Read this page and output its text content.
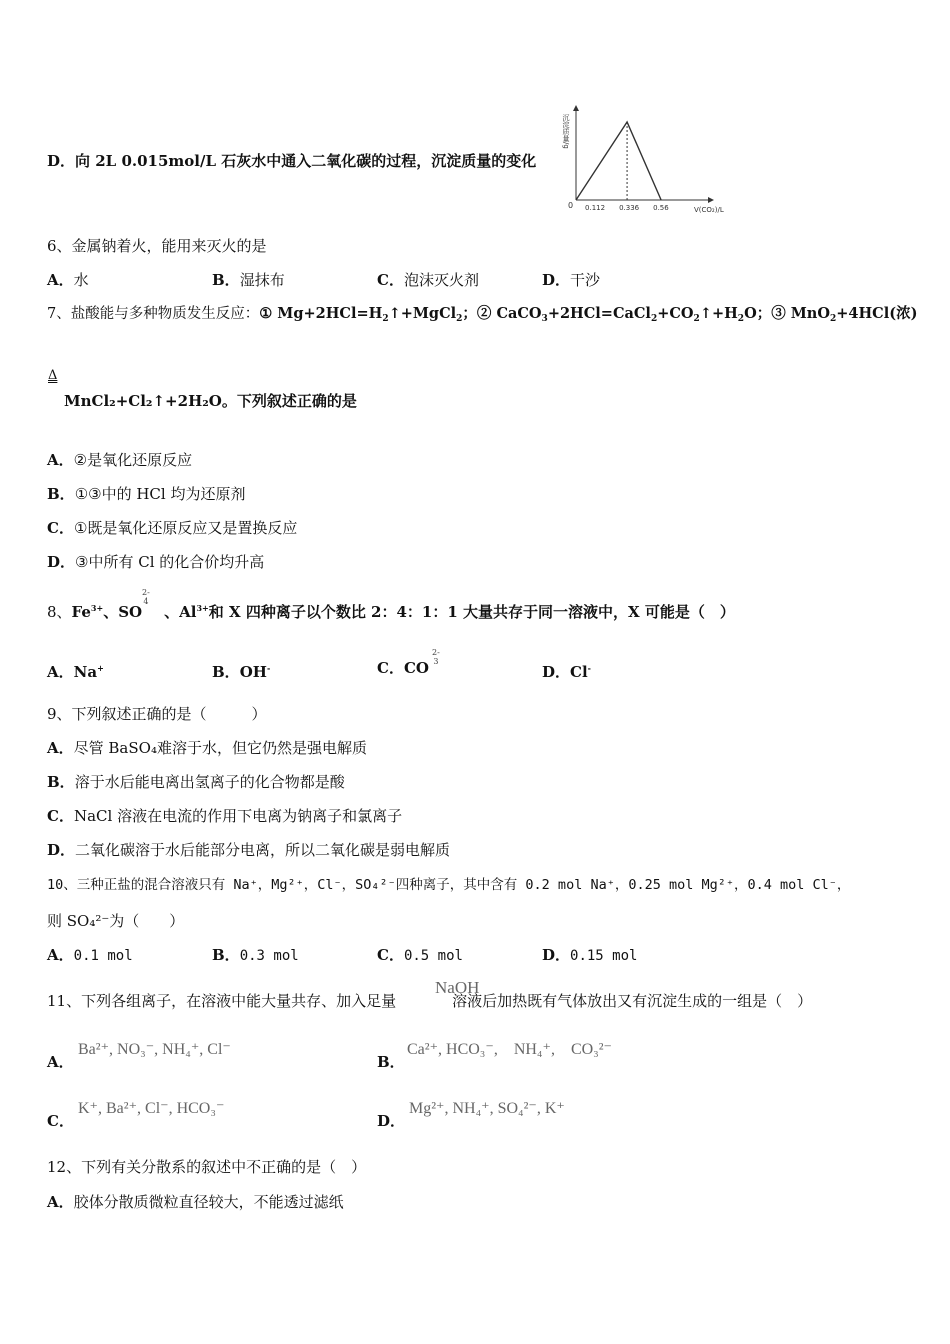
D．向 2L 0.015mol/L 石灰水中通入二氧化碳的过程，沉淀质量的变化
沉淀质量/g
0 0.112 0.336 0.56	V(CO₂)/L
6、金属钠着火，能用来灭火的是
A．水	B．湿抹布	C．泡沫灭火剂	D．干沙
7、盐酸能与多种物质发生反应：① $Mg+2HCl=H_2↑+MgCl_2$；② $CaCO_3+2HCl=CaCl_2+CO_2↑+H_2O$；③ MnO$_2$+4HCl(浓)
Δ
MnCl₂+Cl₂↑+2H₂O。下列叙述正确的是
A．②是氧化还原反应
B．①③中的 HCl 均为还原剂
C．①既是氧化还原反应又是置换反应
D．③中所有 Cl 的化合价均升高
8、$Fe^{3+}$、SO 、$Al^{3+}$和 X 四种离子以个数比 2：4：1：1 大量共存于同一溶液中，X 可能是（　）
2-
4
A．Na+	B．OH-	C．CO
2-
3
D．Cl-
9、下列叙述正确的是（　　　）
A．尽管 BaSO₄难溶于水，但它仍然是强电解质
B．溶于水后能电离出氢离子的化合物都是酸
C．NaCl 溶液在电流的作用下电离为钠离子和氯离子
D．二氧化碳溶于水后能部分电离，所以二氧化碳是弱电解质
10、三种正盐的混合溶液只有 Na⁺，Mg²⁺，Cl⁻，SO₄²⁻四种离子，其中含有 0.2 mol Na⁺，0.25 mol Mg²⁺，0.4 mol Cl⁻，
则 SO₄²⁻为（　　）
A．0.1 mol	B．0.3 mol	C．0.5 mol	D．0.15 mol
11、下列各组离子，在溶液中能大量共存、加入足量	溶液后加热既有气体放出又有沉淀生成的一组是（　）
NaOH
A．
Ba²⁺, NO₃⁻, NH₄⁺, Cl⁻
B．
Ca²⁺, HCO₃⁻,　NH₄⁺,　CO₃²⁻
C．
K⁺, Ba²⁺, Cl⁻, HCO₃⁻
D．
Mg²⁺, NH₄⁺, SO₄²⁻, K⁺
12、下列有关分散系的叙述中不正确的是（　）
A．胶体分散质微粒直径较大，不能透过滤纸
